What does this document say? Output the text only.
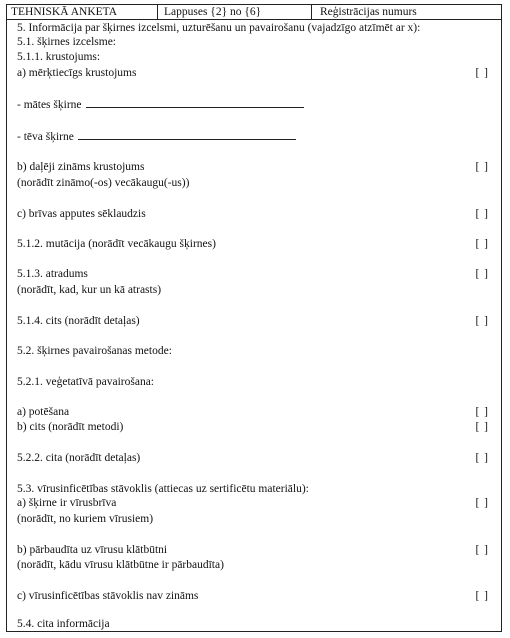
TEHNISKĀ ANKETA	Lappuses {2} no {6}	Reģistrācijas numurs
5. Informācija par šķirnes izcelsmi, uzturēšanu un pavairošanu (vajadzīgo atzīmēt ar x):
5.1. šķirnes izcelsme:
5.1.1. krustojums:
a) mērķtiecīgs krustojums	[ ]
- mātes šķirne
- tēva šķirne
b) daļēji zināms krustojums	[ ]
(norādīt zināmo(-os) vecākaugu(-us))
c) brīvas apputes sēklaudzis	[ ]
5.1.2. mutācija (norādīt vecākaugu šķirnes)	[ ]
5.1.3. atradums	[ ]
(norādīt, kad, kur un kā atrasts)
5.1.4. cits (norādīt detaļas)	[ ]
5.2. šķirnes pavairošanas metode:
5.2.1. veģetatīvā pavairošana:
a) potēšana	[ ]
b) cits (norādīt metodi)	[ ]
5.2.2. cita (norādīt detaļas)	[ ]
5.3. vīrusinficētības stāvoklis (attiecas uz sertificētu materiālu):
a) šķirne ir vīrusbrīva	[ ]
(norādīt, no kuriem vīrusiem)
b) pārbaudīta uz vīrusu klātbūtni	[ ]
(norādīt, kādu vīrusu klātbūtne ir pārbaudīta)
c) vīrusinficētības stāvoklis nav zināms	[ ]
5.4. cita informācija
